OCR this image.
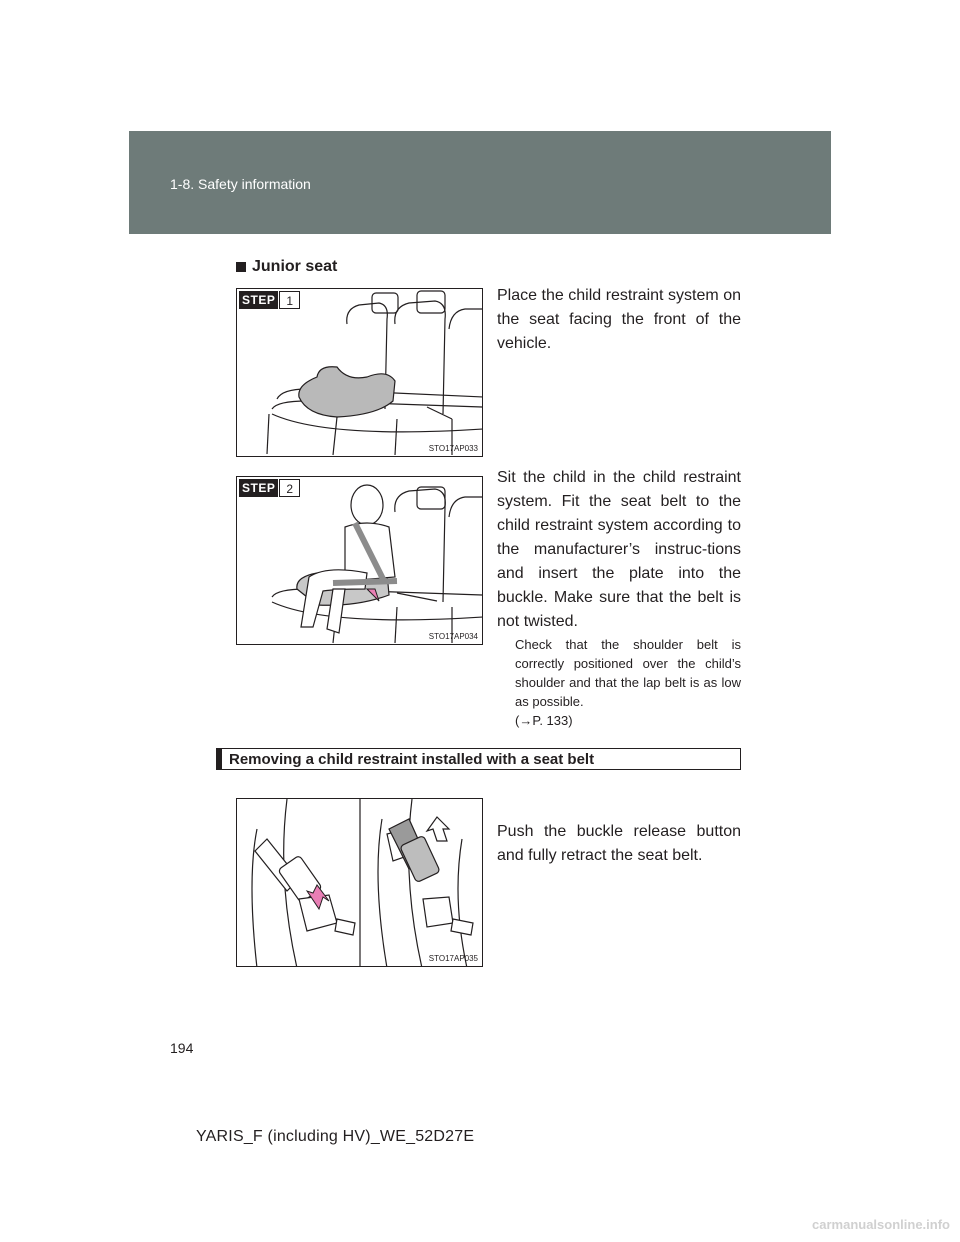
1-8. Safety information
Junior seat
STEP 1
STO17AP033

Place the child restraint system on the seat facing the front of the vehicle.

STEP 2
STO17AP034

Sit the child in the child restraint system. Fit the seat belt to the child restraint system according to the manufacturer’s instruc-tions and insert the plate into the buckle. Make sure that the belt is not twisted.

Check that the shoulder belt is correctly positioned over the child’s shoulder and that the lap belt is as low as possible.
(→P. 133)

Removing a child restraint installed with a seat belt
STO17AP035

Push the buckle release button and fully retract the seat belt.

194
YARIS_F (including HV)_WE_52D27E
carmanualsonline.info
